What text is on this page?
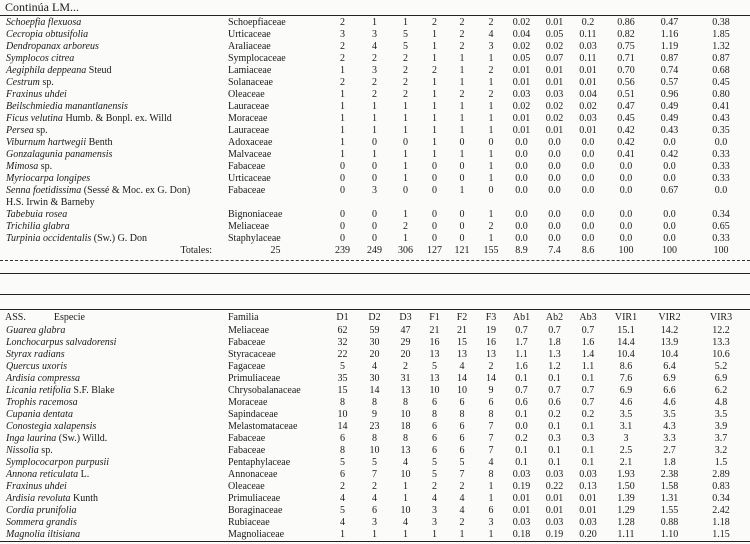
Continúa LM...
Schoepfia flexuosa	Schoepfiaceae	2	1	1	2	2	2	0.02	0.01	0.2	0.86	0.47	0.38
Cecropia obtusifolia	Urticaceae	3	3	5	1	2	4	0.04	0.05	0.11	0.82	1.16	1.85
Dendropanax arboreus	Araliaceae	2	4	5	1	2	3	0.02	0.02	0.03	0.75	1.19	1.32
Symplocos citrea	Symplocaceae	2	2	2	1	1	1	0.05	0.07	0.11	0.71	0.87	0.87
Aegiphila deppeana Steud	Lamiaceae	1	3	2	2	1	2	0.01	0.01	0.01	0.70	0.74	0.68
Cestrum sp.	Solanaceae	2	2	2	1	1	1	0.01	0.01	0.01	0.56	0.57	0.45
Fraxinus uhdei	Oleaceae	1	2	2	1	2	2	0.03	0.03	0.04	0.51	0.96	0.80
Beilschmiedia manantlanensis	Lauraceae	1	1	1	1	1	1	0.02	0.02	0.02	0.47	0.49	0.41
Ficus velutina Humb. & Bonpl. ex. Willd	Moraceae	1	1	1	1	1	1	0.01	0.02	0.03	0.45	0.49	0.43
Persea sp.	Lauraceae	1	1	1	1	1	1	0.01	0.01	0.01	0.42	0.43	0.35
Viburnum hartwegii Benth	Adoxaceae	1	0	0	1	0	0	0.0	0.0	0.0	0.42	0.0	0.0
Gonzalagunia panamensis	Malvaceae	1	1	1	1	1	1	0.0	0.0	0.0	0.41	0.42	0.33
Mimosa sp.	Fabaceae	0	0	1	0	0	1	0.0	0.0	0.0	0.0	0.0	0.33
Myriocarpa longipes	Urticaceae	0	0	1	0	0	1	0.0	0.0	0.0	0.0	0.0	0.33
Senna foetidissima (Sessé & Moc. ex G. Don)	Fabaceae	0	3	0	0	1	0	0.0	0.0	0.0	0.0	0.67	0.0
H.S. Irwin & Barneby													
Tabebuia rosea	Bignoniaceae	0	0	1	0	0	1	0.0	0.0	0.0	0.0	0.0	0.34
Trichilia glabra	Meliaceae	0	0	2	0	0	2	0.0	0.0	0.0	0.0	0.0	0.65
Turpinia occidentalis (Sw.) G. Don	Staphylaceae	0	0	1	0	0	1	0.0	0.0	0.0	0.0	0.0	0.33
Totales:	25	239	249	306	127	121	155	8.9	7.4	8.6	100	100	100
ASS. Especie	Familia	D1	D2	D3	F1	F2	F3	Ab1	Ab2	Ab3	VIR1	VIR2	VIR3
Guarea glabra	Meliaceae	62	59	47	21	21	19	0.7	0.7	0.7	15.1	14.2	12.2
Lonchocarpus salvadorensi	Fabaceae	32	30	29	16	15	16	1.7	1.8	1.6	14.4	13.9	13.3
Styrax radians	Styracaceae	22	20	20	13	13	13	1.1	1.3	1.4	10.4	10.4	10.6
Quercus uxoris	Fagaceae	5	4	2	5	4	2	1.6	1.2	1.1	8.6	6.4	5.2
Ardisia compressa	Primuliaceae	35	30	31	13	14	14	0.1	0.1	0.1	7.6	6.9	6.9
Licania retifolia S.F. Blake	Chrysobalanaceae	15	14	13	10	10	9	0.7	0.7	0.7	6.9	6.6	6.2
Trophis racemosa	Moraceae	8	8	8	6	6	6	0.6	0.6	0.7	4.6	4.6	4.8
Cupania dentata	Sapindaceae	10	9	10	8	8	8	0.1	0.2	0.2	3.5	3.5	3.5
Conostegia xalapensis	Melastomataceae	14	23	18	6	6	7	0.0	0.1	0.1	3.1	4.3	3.9
Inga laurina (Sw.) Willd.	Fabaceae	6	8	8	6	6	7	0.2	0.3	0.3	3	3.3	3.7
Nissolia sp.	Fabaceae	8	10	13	6	6	7	0.1	0.1	0.1	2.5	2.7	3.2
Symplococarpon purpusii	Pentaphylaceae	5	5	4	5	5	4	0.1	0.1	0.1	2.1	1.8	1.5
Annona reticulata L.	Annonaceae	6	7	10	5	7	8	0.03	0.03	0.03	1.93	2.38	2.89
Fraxinus uhdei	Oleaceae	2	2	1	2	2	1	0.19	0.22	0.13	1.50	1.58	0.83
Ardisia revoluta Kunth	Primuliaceae	4	4	1	4	4	1	0.01	0.01	0.01	1.39	1.31	0.34
Cordia prunifolia	Boraginaceae	5	6	10	3	4	6	0.01	0.01	0.01	1.29	1.55	2.42
Sommera grandis	Rubiaceae	4	3	4	3	2	3	0.03	0.03	0.03	1.28	0.88	1.18
Magnolia iltisiana	Magnoliaceae	1	1	1	1	1	1	0.18	0.19	0.20	1.11	1.10	1.15
